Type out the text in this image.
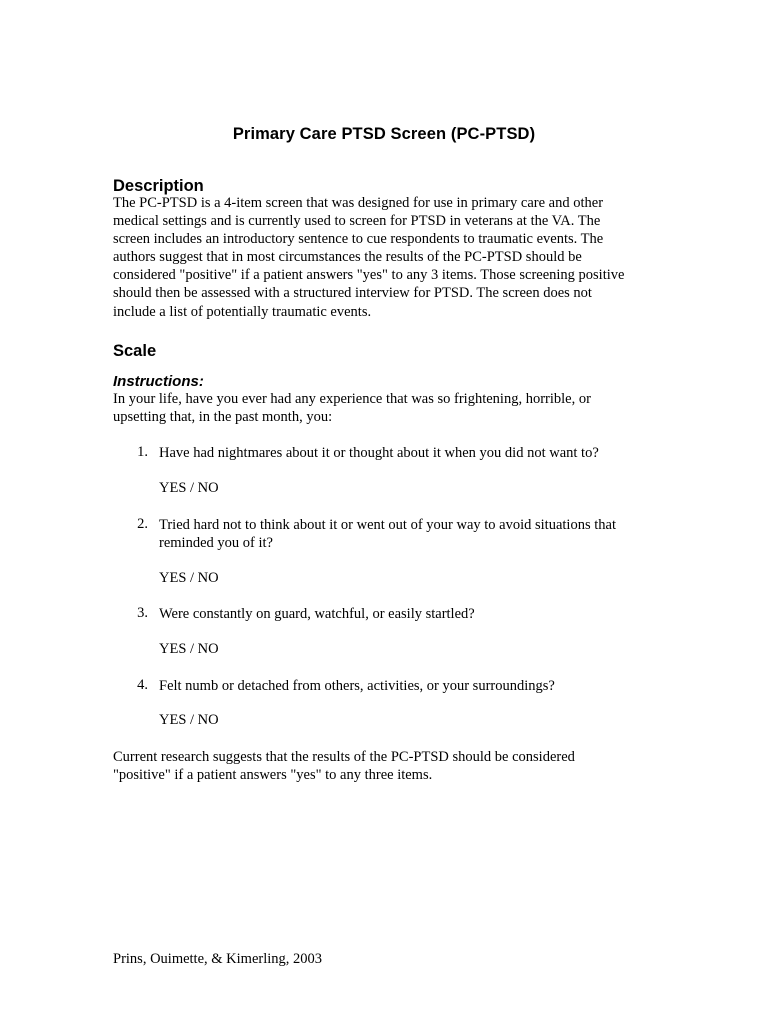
Primary Care PTSD Screen (PC-PTSD)
Description
The PC-PTSD is a 4-item screen that was designed for use in primary care and other
medical settings and is currently used to screen for PTSD in veterans at the VA. The
screen includes an introductory sentence to cue respondents to traumatic events. The
authors suggest that in most circumstances the results of the PC-PTSD should be
considered "positive" if a patient answers "yes" to any 3 items. Those screening positive
should then be assessed with a structured interview for PTSD. The screen does not
include a list of potentially traumatic events.
Scale
Instructions:
In your life, have you ever had any experience that was so frightening, horrible, or
upsetting that, in the past month, you:
1. Have had nightmares about it or thought about it when you did not want to?
YES / NO
2. Tried hard not to think about it or went out of your way to avoid situations that
reminded you of it?
YES / NO
3. Were constantly on guard, watchful, or easily startled?
YES / NO
4. Felt numb or detached from others, activities, or your surroundings?
YES / NO
Current research suggests that the results of the PC-PTSD should be considered
"positive" if a patient answers "yes" to any three items.
Prins, Ouimette, & Kimerling, 2003
